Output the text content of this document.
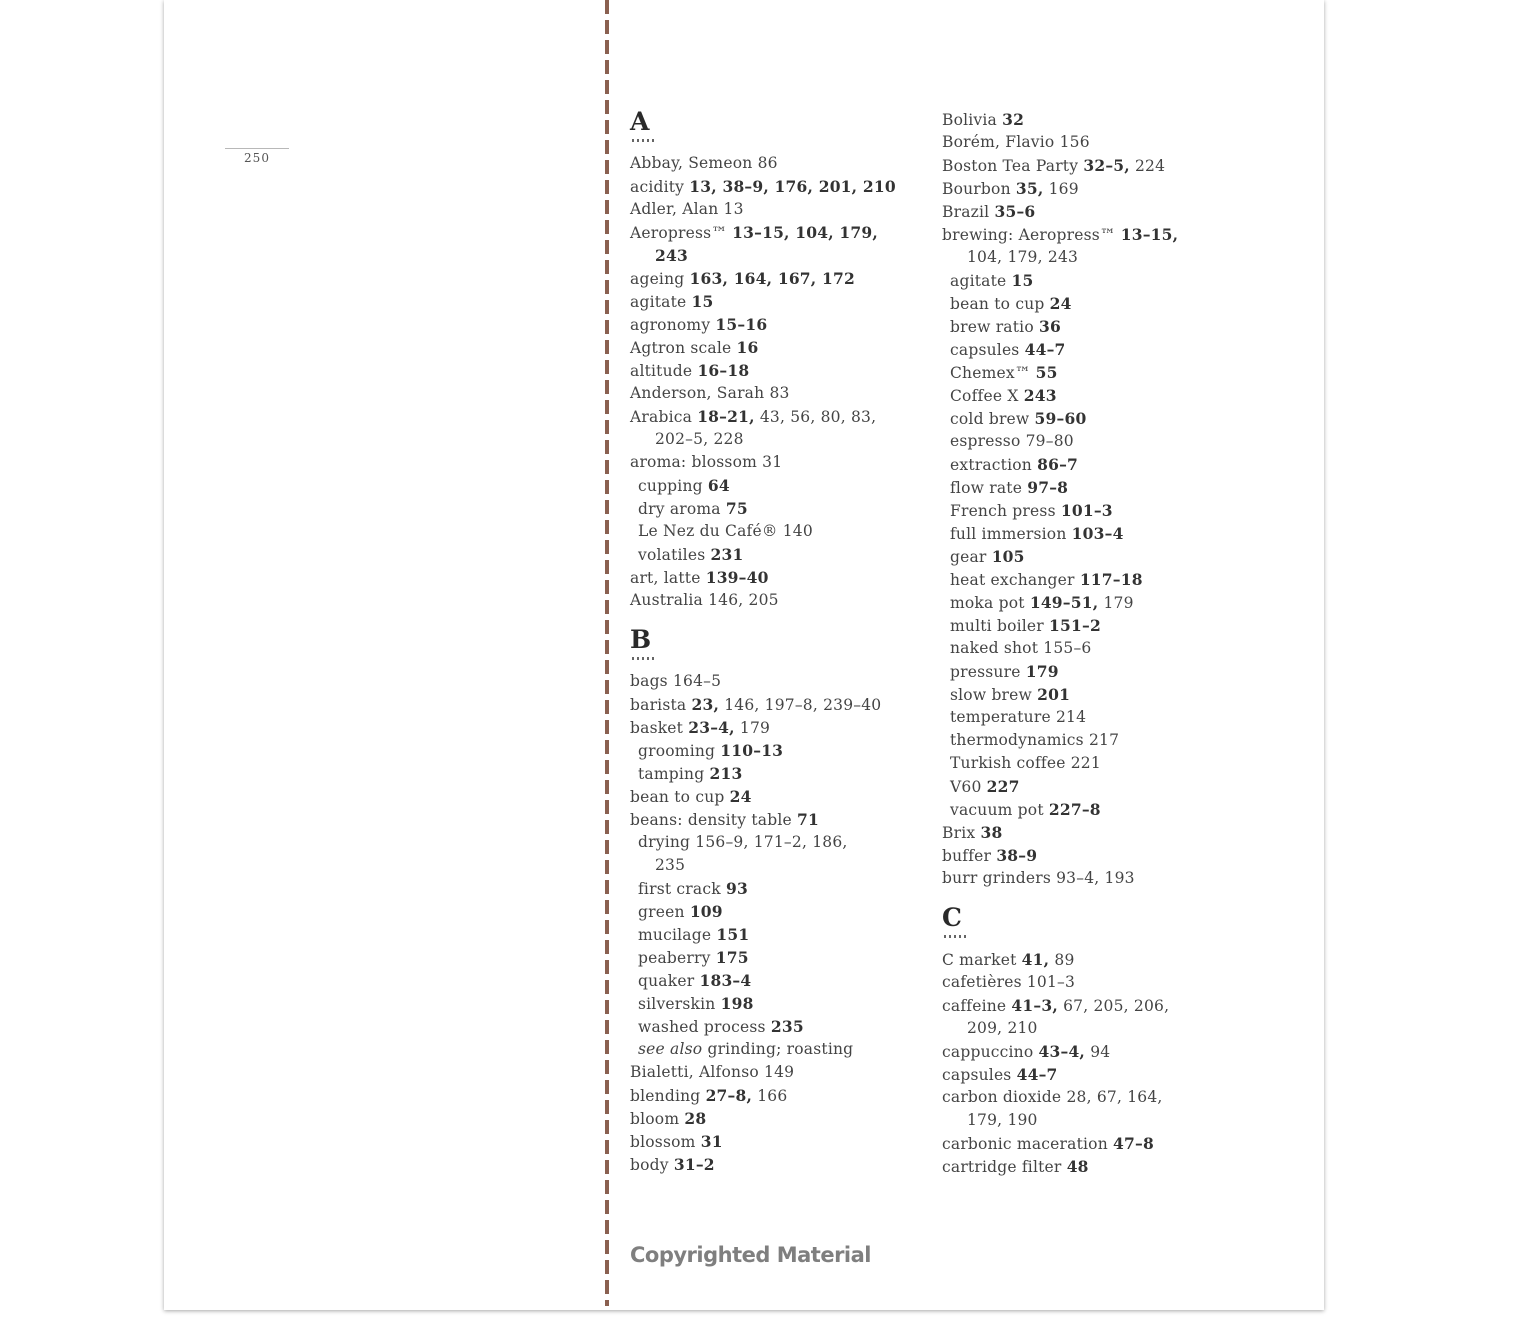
250
A
Abbay, Semeon 86
acidity 13, 38–9, 176, 201, 210
Adler, Alan 13
Aeropress™ 13–15, 104, 179,
243
ageing 163, 164, 167, 172
agitate 15
agronomy 15–16
Agtron scale 16
altitude 16–18
Anderson, Sarah 83
Arabica 18–21, 43, 56, 80, 83,
202–5, 228
aroma: blossom 31
cupping 64
dry aroma 75
Le Nez du Café® 140
volatiles 231
art, latte 139–40
Australia 146, 205
B
bags 164–5
barista 23, 146, 197–8, 239–40
basket 23–4, 179
grooming 110–13
tamping 213
bean to cup 24
beans: density table 71
drying 156–9, 171–2, 186,
235
first crack 93
green 109
mucilage 151
peaberry 175
quaker 183–4
silverskin 198
washed process 235
see also grinding; roasting
Bialetti, Alfonso 149
blending 27–8, 166
bloom 28
blossom 31
body 31–2
Bolivia 32
Borém, Flavio 156
Boston Tea Party 32–5, 224
Bourbon 35, 169
Brazil 35–6
brewing: Aeropress™ 13–15,
104, 179, 243
agitate 15
bean to cup 24
brew ratio 36
capsules 44–7
Chemex™ 55
Coffee X 243
cold brew 59–60
espresso 79–80
extraction 86–7
flow rate 97–8
French press 101–3
full immersion 103–4
gear 105
heat exchanger 117–18
moka pot 149–51, 179
multi boiler 151–2
naked shot 155–6
pressure 179
slow brew 201
temperature 214
thermodynamics 217
Turkish coffee 221
V60 227
vacuum pot 227–8
Brix 38
buffer 38–9
burr grinders 93–4, 193
C
C market 41, 89
cafetières 101–3
caffeine 41–3, 67, 205, 206,
209, 210
cappuccino 43–4, 94
capsules 44–7
carbon dioxide 28, 67, 164,
179, 190
carbonic maceration 47–8
cartridge filter 48
Copyrighted Material
